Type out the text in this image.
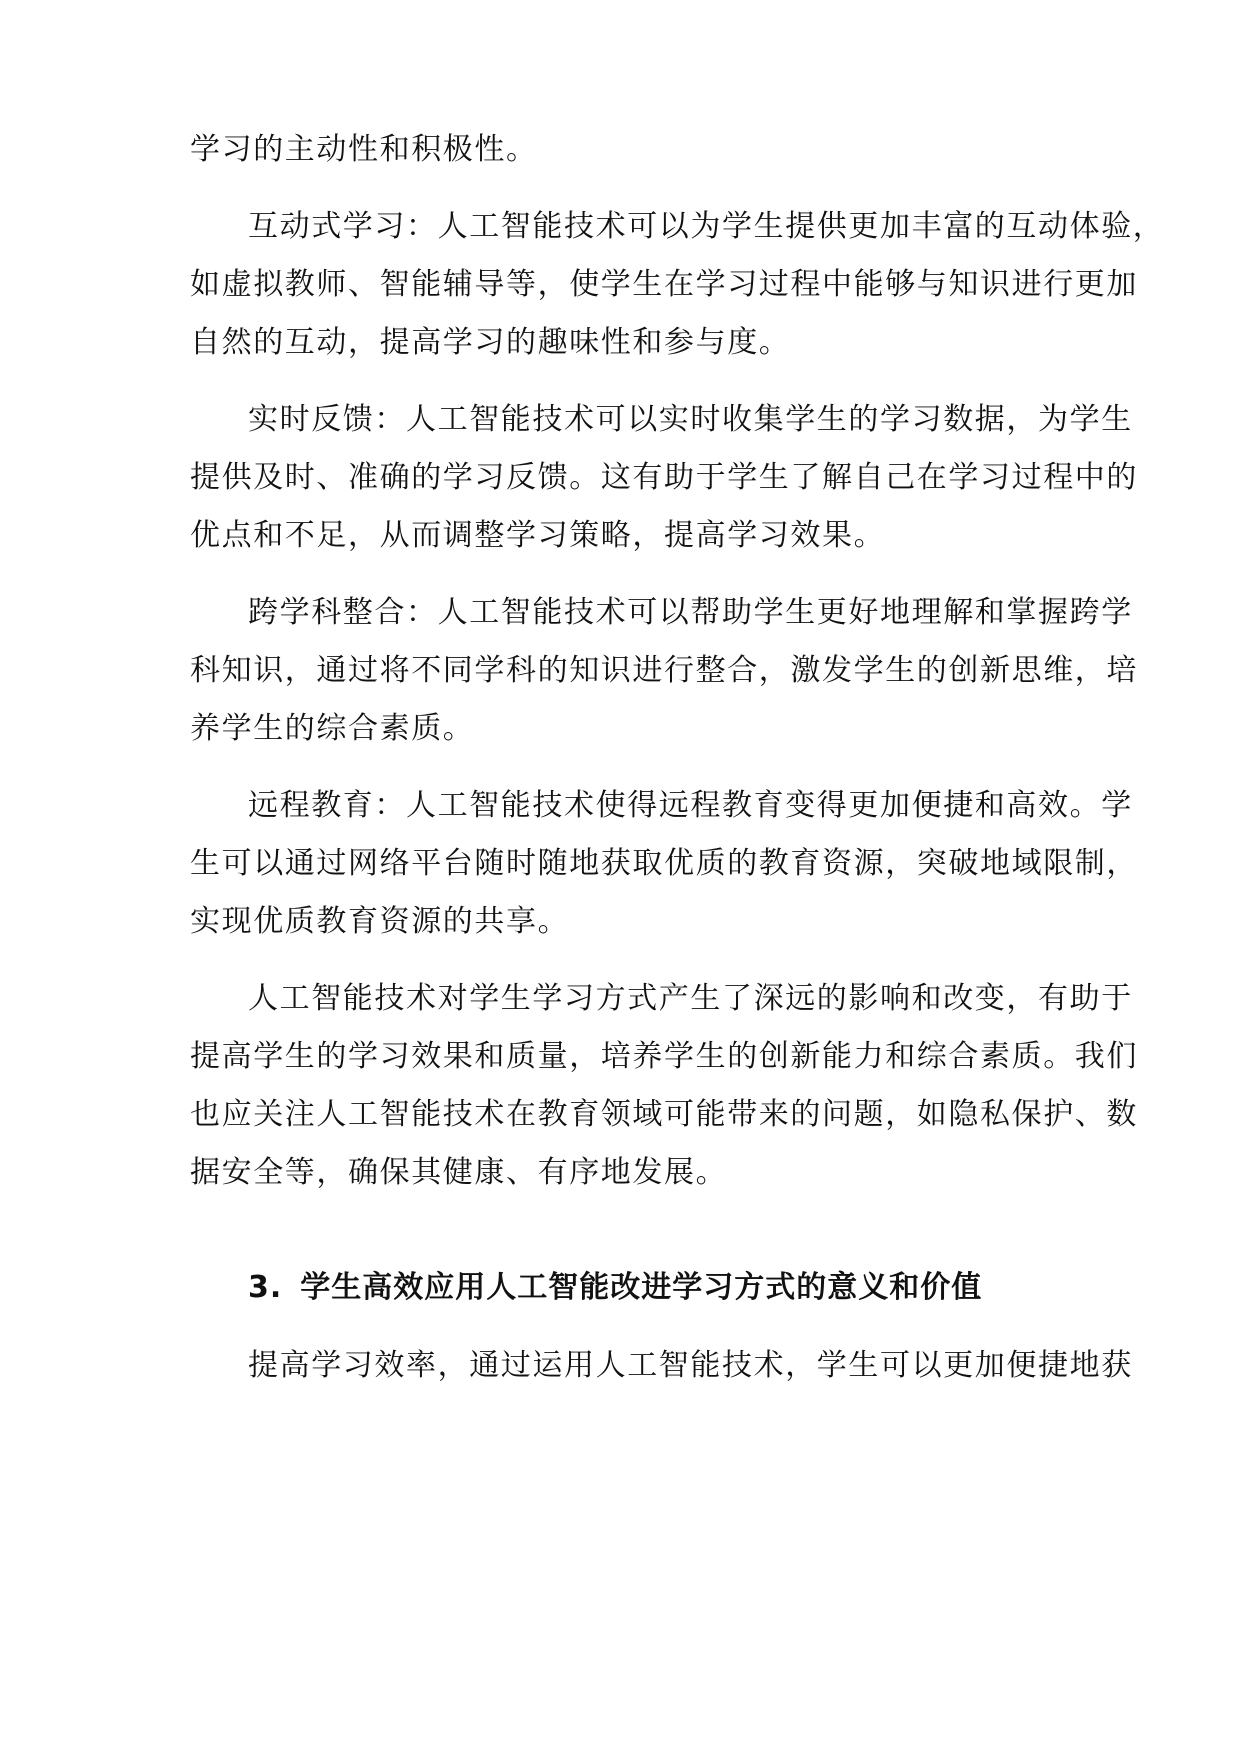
学习的主动性和积极性。
互动式学习：人工智能技术可以为学生提供更加丰富的互动体验，
如虚拟教师、智能辅导等，使学生在学习过程中能够与知识进行更加
自然的互动，提高学习的趣味性和参与度。
实时反馈：人工智能技术可以实时收集学生的学习数据，为学生
提供及时、准确的学习反馈。这有助于学生了解自己在学习过程中的
优点和不足，从而调整学习策略，提高学习效果。
跨学科整合：人工智能技术可以帮助学生更好地理解和掌握跨学
科知识，通过将不同学科的知识进行整合，激发学生的创新思维，培
养学生的综合素质。
远程教育：人工智能技术使得远程教育变得更加便捷和高效。学
生可以通过网络平台随时随地获取优质的教育资源，突破地域限制，
实现优质教育资源的共享。
人工智能技术对学生学习方式产生了深远的影响和改变，有助于
提高学生的学习效果和质量，培养学生的创新能力和综合素质。我们
也应关注人工智能技术在教育领域可能带来的问题，如隐私保护、数
据安全等，确保其健康、有序地发展。
3. 学生高效应用人工智能改进学习方式的意义和价值
提高学习效率，通过运用人工智能技术，学生可以更加便捷地获
